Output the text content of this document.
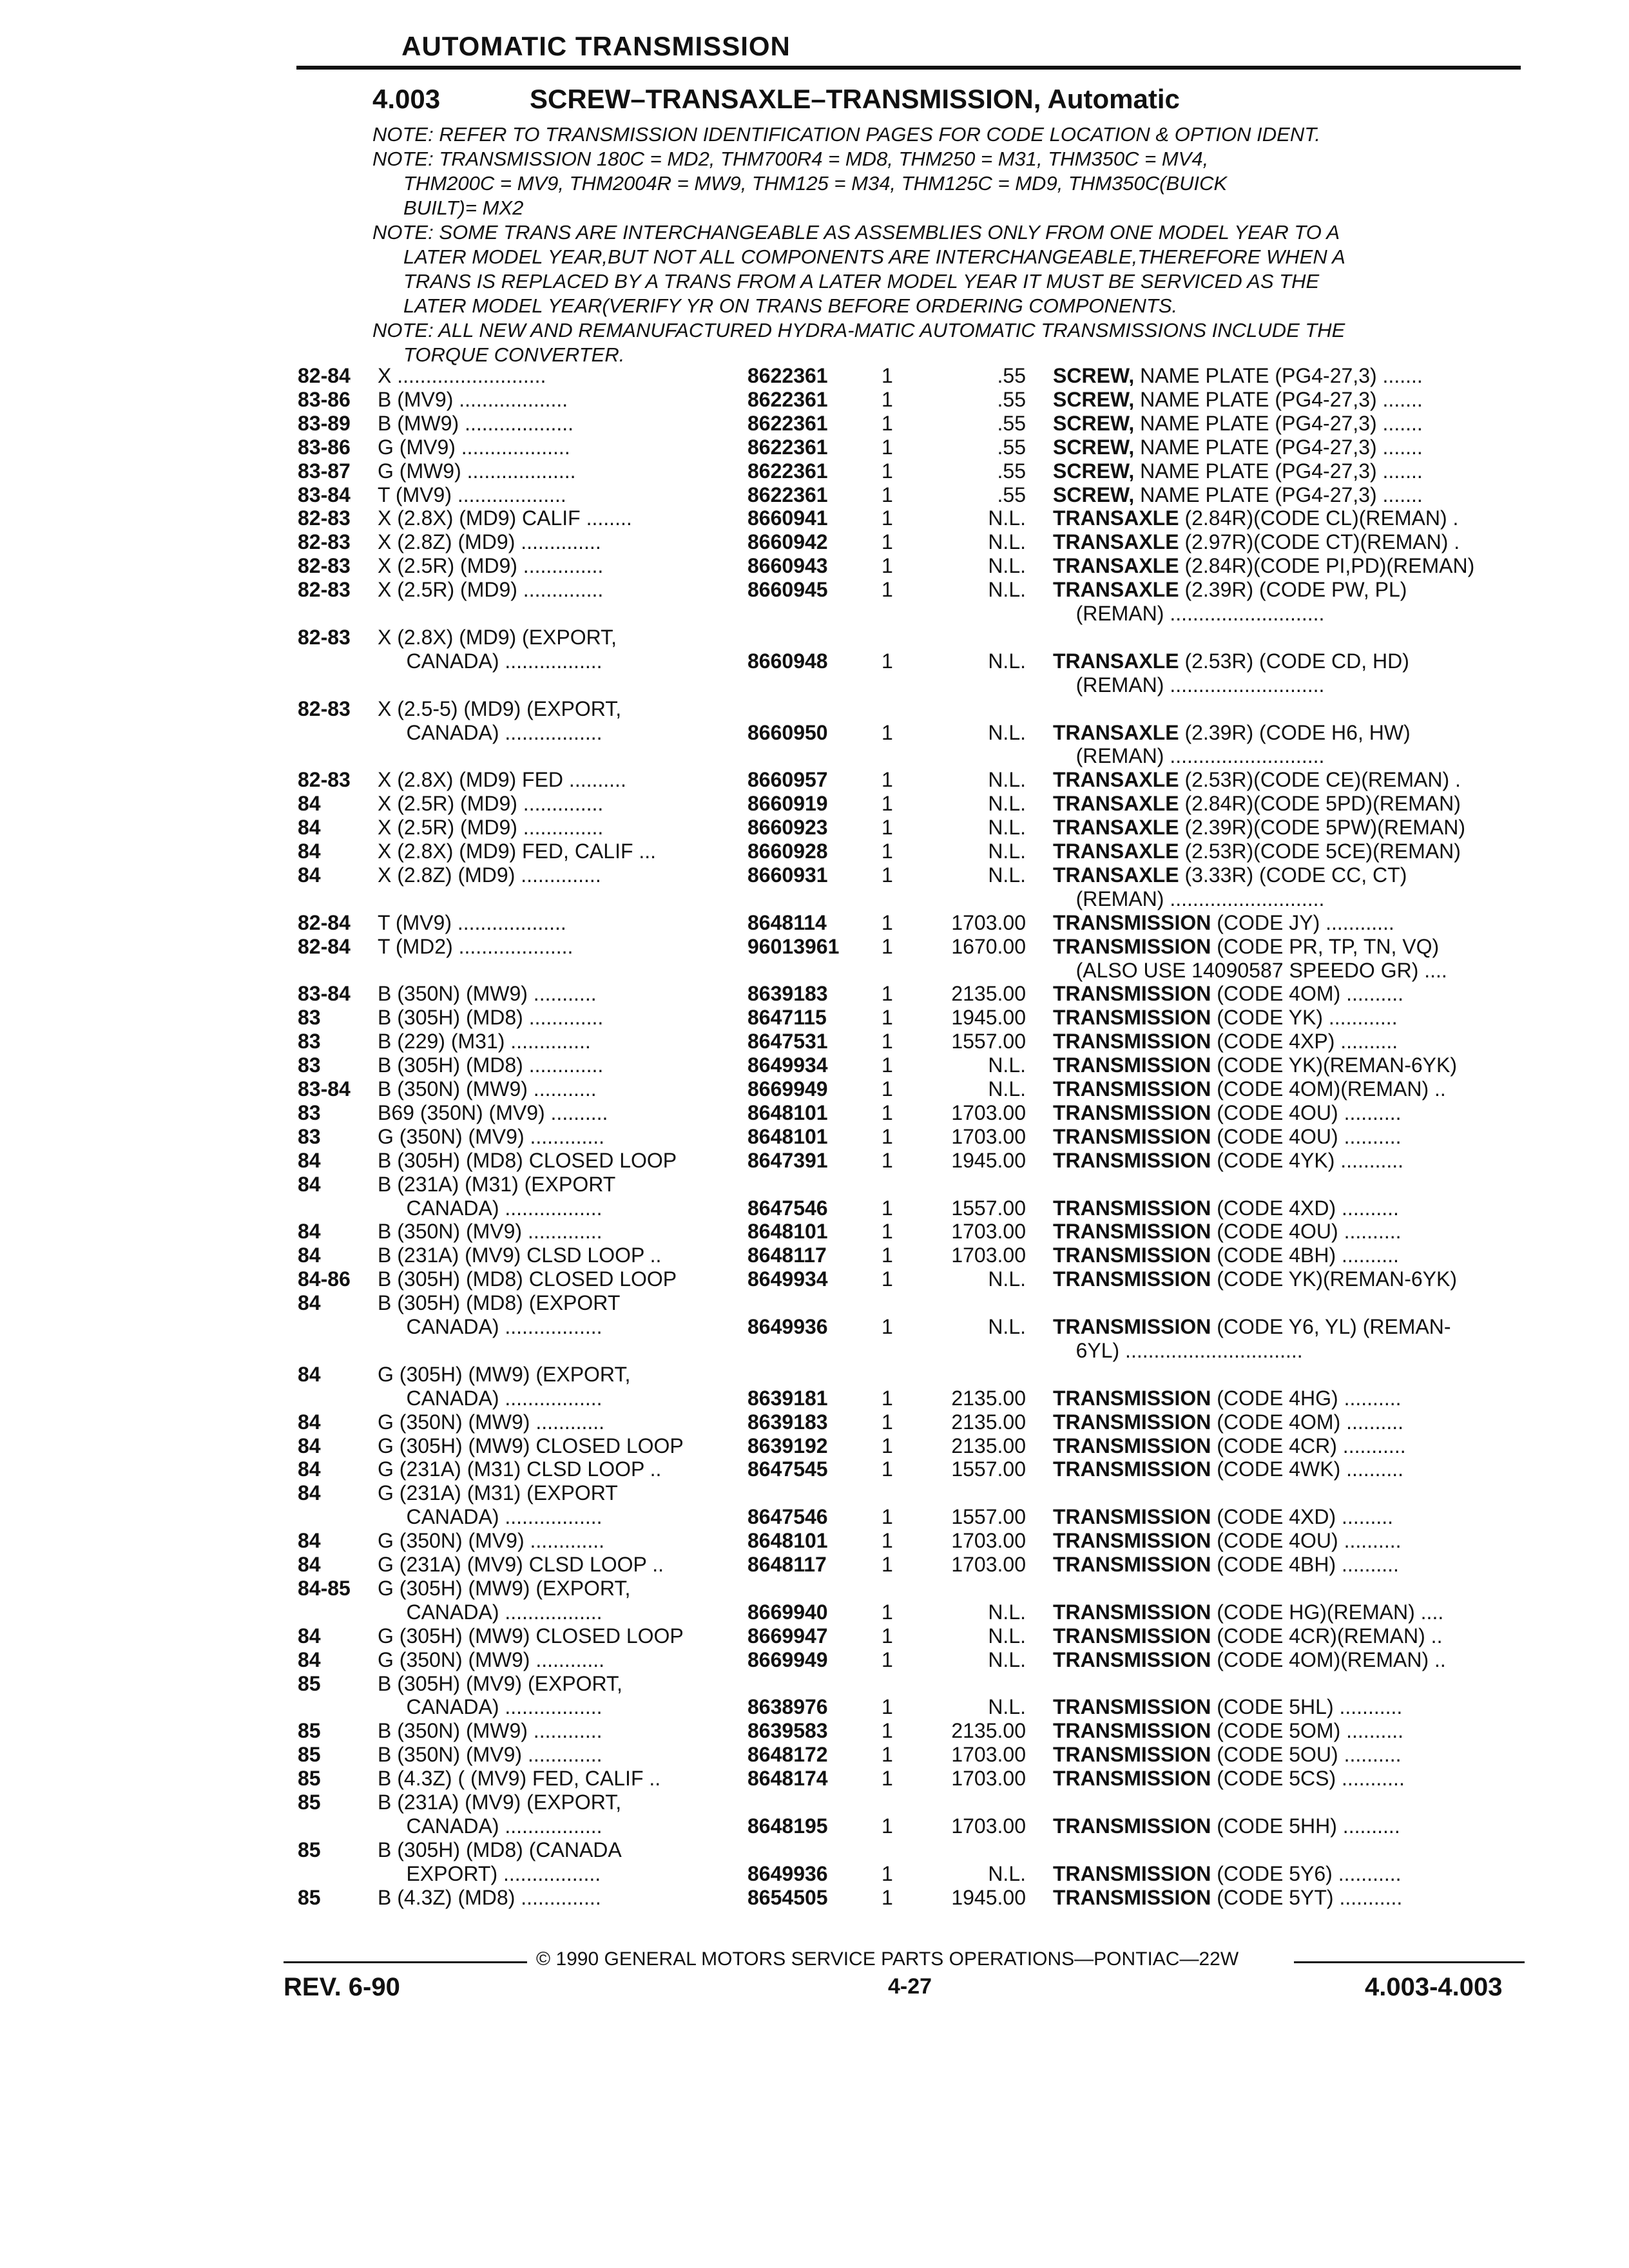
AUTOMATIC TRANSMISSION
4.003	SCREW–TRANSAXLE–TRANSMISSION, Automatic
NOTE: REFER TO TRANSMISSION IDENTIFICATION PAGES FOR CODE LOCATION & OPTION IDENT.
NOTE: TRANSMISSION 180C = MD2, THM700R4 = MD8, THM250 = M31, THM350C = MV4,
THM200C = MV9, THM2004R = MW9, THM125 = M34, THM125C = MD9, THM350C(BUICK
BUILT)= MX2
NOTE: SOME TRANS ARE INTERCHANGEABLE AS ASSEMBLIES ONLY FROM ONE MODEL YEAR TO A
LATER MODEL YEAR,BUT NOT ALL COMPONENTS ARE INTERCHANGEABLE,THEREFORE WHEN A
TRANS IS REPLACED BY A TRANS FROM A LATER MODEL YEAR IT MUST BE SERVICED AS THE
LATER MODEL YEAR(VERIFY YR ON TRANS BEFORE ORDERING COMPONENTS.
NOTE: ALL NEW AND REMANUFACTURED HYDRA-MATIC AUTOMATIC TRANSMISSIONS INCLUDE THE
TORQUE CONVERTER.
82-84 X ..........................	8622361	1	.55 SCREW, NAME PLATE (PG4-27,3) .......
83-86 B (MV9) ...................	8622361	1	.55 SCREW, NAME PLATE (PG4-27,3) .......
83-89 B (MW9) ...................	8622361	1	.55 SCREW, NAME PLATE (PG4-27,3) .......
83-86 G (MV9) ...................	8622361	1	.55 SCREW, NAME PLATE (PG4-27,3) .......
83-87 G (MW9) ...................	8622361	1	.55 SCREW, NAME PLATE (PG4-27,3) .......
83-84 T (MV9) ...................	8622361	1	.55 SCREW, NAME PLATE (PG4-27,3) .......
82-83 X (2.8X) (MD9) CALIF ........	8660941	1	N.L. TRANSAXLE (2.84R)(CODE CL)(REMAN) .
82-83 X (2.8Z) (MD9) ..............	8660942	1	N.L. TRANSAXLE (2.97R)(CODE CT)(REMAN) .
82-83 X (2.5R) (MD9) ..............	8660943	1	N.L. TRANSAXLE (2.84R)(CODE PI,PD)(REMAN)
82-83 X (2.5R) (MD9) ..............	8660945	1	N.L. TRANSAXLE (2.39R) (CODE PW, PL)
(REMAN) ...........................
82-83 X (2.8X) (MD9) (EXPORT,
CANADA) .................	8660948	1	N.L. TRANSAXLE (2.53R) (CODE CD, HD)
(REMAN) ...........................
82-83 X (2.5-5) (MD9) (EXPORT,
CANADA) .................	8660950	1	N.L. TRANSAXLE (2.39R) (CODE H6, HW)
(REMAN) ...........................
82-83 X (2.8X) (MD9) FED ..........	8660957	1	N.L. TRANSAXLE (2.53R)(CODE CE)(REMAN) .
84	X (2.5R) (MD9) ..............	8660919	1	N.L. TRANSAXLE (2.84R)(CODE 5PD)(REMAN)
84	X (2.5R) (MD9) ..............	8660923	1	N.L. TRANSAXLE (2.39R)(CODE 5PW)(REMAN)
84	X (2.8X) (MD9) FED, CALIF ...	8660928	1	N.L. TRANSAXLE (2.53R)(CODE 5CE)(REMAN)
84	X (2.8Z) (MD9) ..............	8660931	1	N.L. TRANSAXLE (3.33R) (CODE CC, CT)
(REMAN) ...........................
82-84 T (MV9) ...................	8648114	1	1703.00 TRANSMISSION (CODE JY) ............
82-84 T (MD2) ....................	96013961 1	1670.00 TRANSMISSION (CODE PR, TP, TN, VQ)
(ALSO USE 14090587 SPEEDO GR) ....
83-84 B (350N) (MW9) ...........	8639183	1	2135.00 TRANSMISSION (CODE 4OM) ..........
83	B (305H) (MD8) .............	8647115	1	1945.00 TRANSMISSION (CODE YK) ............
83	B (229) (M31) ..............	8647531	1	1557.00 TRANSMISSION (CODE 4XP) ..........
83	B (305H) (MD8) .............	8649934	1	N.L. TRANSMISSION (CODE YK)(REMAN-6YK)
83-84 B (350N) (MW9) ...........	8669949	1	N.L. TRANSMISSION (CODE 4OM)(REMAN) ..
83	B69 (350N) (MV9) ..........	8648101	1	1703.00 TRANSMISSION (CODE 4OU) ..........
83	G (350N) (MV9) .............	8648101	1	1703.00 TRANSMISSION (CODE 4OU) ..........
84	B (305H) (MD8) CLOSED LOOP	8647391	1	1945.00 TRANSMISSION (CODE 4YK) ...........
84	B (231A) (M31) (EXPORT
CANADA) .................	8647546	1	1557.00 TRANSMISSION (CODE 4XD) ..........
84	B (350N) (MV9) .............	8648101	1	1703.00 TRANSMISSION (CODE 4OU) ..........
84	B (231A) (MV9) CLSD LOOP ..	8648117	1	1703.00 TRANSMISSION (CODE 4BH) ..........
84-86 B (305H) (MD8) CLOSED LOOP	8649934	1	N.L. TRANSMISSION (CODE YK)(REMAN-6YK)
84	B (305H) (MD8) (EXPORT
CANADA) .................	8649936	1	N.L. TRANSMISSION (CODE Y6, YL) (REMAN-
6YL) ...............................
84	G (305H) (MW9) (EXPORT,
CANADA) .................	8639181	1	2135.00 TRANSMISSION (CODE 4HG) ..........
84	G (350N) (MW9) ............	8639183	1	2135.00 TRANSMISSION (CODE 4OM) ..........
84	G (305H) (MW9) CLOSED LOOP	8639192	1	2135.00 TRANSMISSION (CODE 4CR) ...........
84	G (231A) (M31) CLSD LOOP ..	8647545	1	1557.00 TRANSMISSION (CODE 4WK) ..........
84	G (231A) (M31) (EXPORT
CANADA) .................	8647546	1	1557.00 TRANSMISSION (CODE 4XD) .........
84	G (350N) (MV9) .............	8648101	1	1703.00 TRANSMISSION (CODE 4OU) ..........
84	G (231A) (MV9) CLSD LOOP ..	8648117	1	1703.00 TRANSMISSION (CODE 4BH) ..........
84-85 G (305H) (MW9) (EXPORT,
CANADA) .................	8669940	1	N.L. TRANSMISSION (CODE HG)(REMAN) ....
84	G (305H) (MW9) CLOSED LOOP	8669947	1	N.L. TRANSMISSION (CODE 4CR)(REMAN) ..
84	G (350N) (MW9) ............	8669949	1	N.L. TRANSMISSION (CODE 4OM)(REMAN) ..
85	B (305H) (MV9) (EXPORT,
CANADA) .................	8638976	1	N.L. TRANSMISSION (CODE 5HL) ...........
85	B (350N) (MW9) ............	8639583	1	2135.00 TRANSMISSION (CODE 5OM) ..........
85	B (350N) (MV9) .............	8648172	1	1703.00 TRANSMISSION (CODE 5OU) ..........
85	B (4.3Z) ( (MV9) FED, CALIF ..	8648174	1	1703.00 TRANSMISSION (CODE 5CS) ...........
85	B (231A) (MV9) (EXPORT,
CANADA) .................	8648195	1	1703.00 TRANSMISSION (CODE 5HH) ..........
85	B (305H) (MD8) (CANADA
EXPORT) .................	8649936	1	N.L. TRANSMISSION (CODE 5Y6) ...........
85	B (4.3Z) (MD8) ..............	8654505	1	1945.00 TRANSMISSION (CODE 5YT) ...........
© 1990 GENERAL MOTORS SERVICE PARTS OPERATIONS—PONTIAC—22W
REV. 6-90	4-27	4.003-4.003
